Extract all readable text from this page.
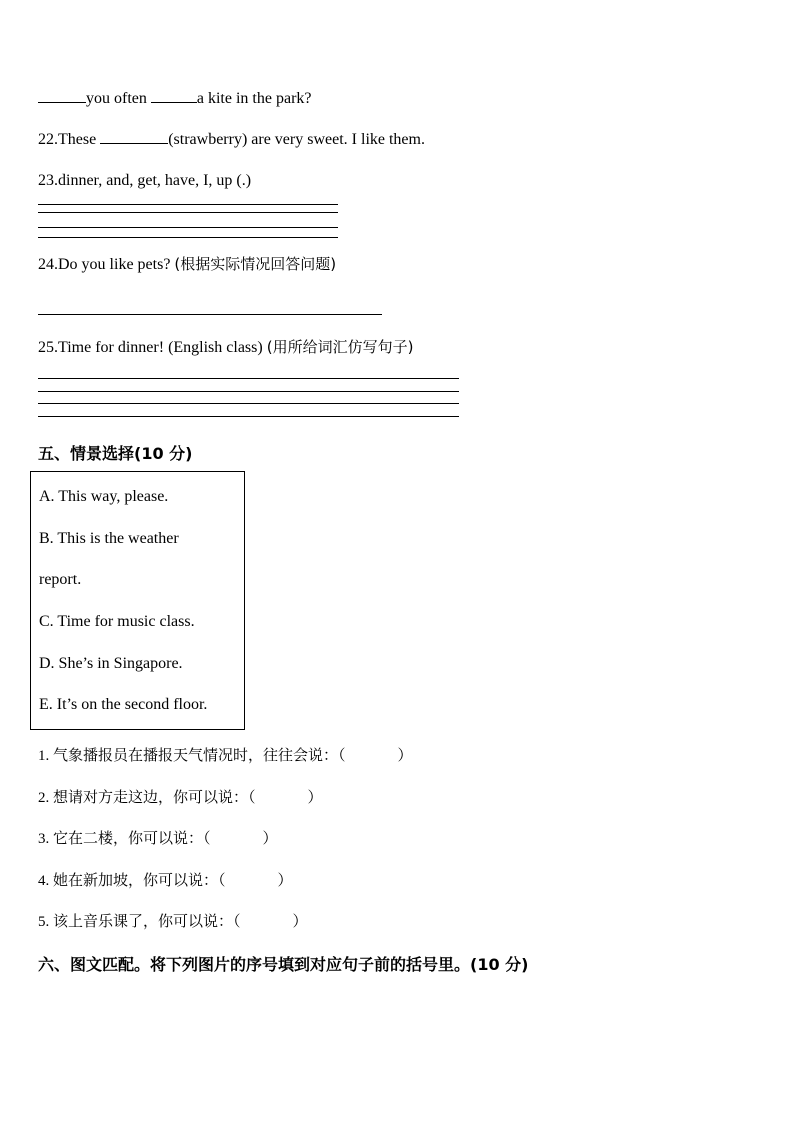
you often	a kite in the park?
22.These	(strawberry) are very sweet. I like them.
23.dinner, and, get, have, I, up (.)
24.Do you like pets? (根据实际情况回答问题)
25.Time for dinner! (English class) (用所给词汇仿写句子)
五、情景选择(10 分)
A. This way, please.
B. This is the weather
report.
C. Time for music class.
D. She’s in Singapore.
E. It’s on the second floor.
1. 气象播报员在播报天气情况时，往往会说：（	）
2. 想请对方走这边，你可以说：（	）
3. 它在二楼，你可以说：（	）
4. 她在新加坡，你可以说：（	）
5. 该上音乐课了，你可以说：（	）
六、图文匹配。将下列图片的序号填到对应句子前的括号里。(10 分)
